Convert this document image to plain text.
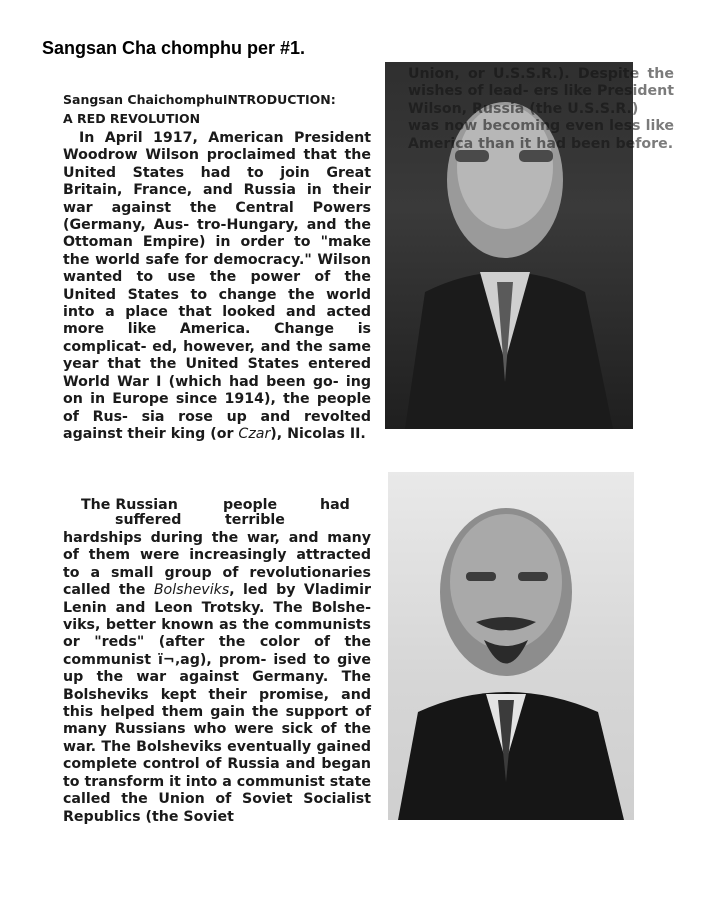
Sangsan Cha chomphu per #1.
Sangsan ChaichomphuINTRODUCTION:
A RED REVOLUTION
In April 1917, American President Woodrow Wilson proclaimed that the United States had to join Great Britain, France, and Russia in their war against the Central Powers (Germany, Aus- tro-Hungary, and the Ottoman Empire) in order to "make the world safe for democracy." Wilson wanted to use the power of the United States to change the world into a place that looked and acted more like America. Change is complicat- ed, however, and the same year that the United States entered World War I (which had been go- ing on in Europe since 1914), the people of Rus- sia rose up and revolted against their king (or Czar), Nicolas II.
The Russian	people	had
suffered	terrible
hardships during the war, and many of them were increasingly attracted to a small group of revolutionaries called the Bolsheviks, led by Vladimir Lenin and Leon Trotsky. The Bolshe- viks, better known as the communists or "reds" (after the color of the communist ï¬‚ag), prom- ised to give up the war against Germany. The Bolsheviks kept their promise, and this helped them gain the support of many Russians who were sick of the war. The Bolsheviks eventually gained complete control of Russia and began to transform it into a communist state called the Union of Soviet Socialist Republics (the Soviet

Union, or U.S.S.R.). Despite the wishes of lead- ers like President Wilson, Russia (the U.S.S.R.)

was now becoming even less like America than it had been before.
